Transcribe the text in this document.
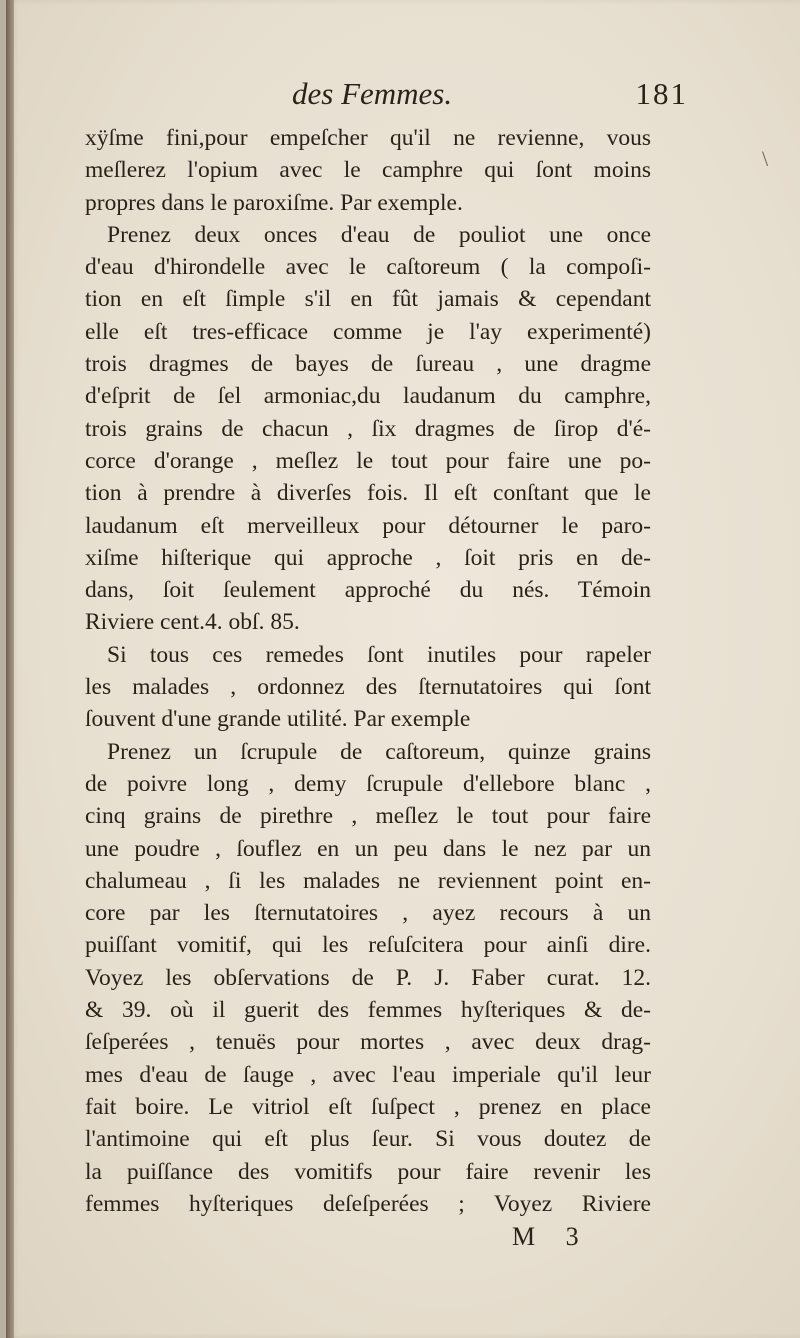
des Femmes.	181
xÿſme fini,pour empeſcher qu'il ne revienne, vous
meſlerez l'opium avec le camphre qui ſont moins
propres dans le paroxiſme. Par exemple.
Prenez deux onces d'eau de pouliot une once
d'eau d'hirondelle avec le caſtoreum ( la compoſi-
tion en eſt ſimple s'il en fût jamais & cependant
elle eſt tres-efficace comme je l'ay experimenté)
trois dragmes de bayes de ſureau , une dragme
d'eſprit de ſel armoniac,du laudanum du camphre,
trois grains de chacun , ſix dragmes de ſirop d'é-
corce d'orange , meſlez le tout pour faire une po-
tion à prendre à diverſes fois. Il eſt conſtant que le
laudanum eſt merveilleux pour détourner le paro-
xiſme hiſterique qui approche , ſoit pris en de-
dans, ſoit ſeulement approché du nés. Témoin
Riviere cent.4. obſ. 85.
Si tous ces remedes ſont inutiles pour rapeler
les malades , ordonnez des ſternutatoires qui ſont
ſouvent d'une grande utilité. Par exemple
Prenez un ſcrupule de caſtoreum, quinze grains
de poivre long , demy ſcrupule d'ellebore blanc ,
cinq grains de pirethre , meſlez le tout pour faire
une poudre , ſouflez en un peu dans le nez par un
chalumeau , ſi les malades ne reviennent point en-
core par les ſternutatoires , ayez recours à un
puiſſant vomitif, qui les reſuſcitera pour ainſi dire.
Voyez les obſervations de P. J. Faber curat. 12.
& 39. où il guerit des femmes hyſteriques & de-
ſeſperées , tenuës pour mortes , avec deux drag-
mes d'eau de ſauge , avec l'eau imperiale qu'il leur
fait boire. Le vitriol eſt ſuſpect , prenez en place
l'antimoine qui eſt plus ſeur. Si vous doutez de
la puiſſance des vomitifs pour faire revenir les
femmes hyſteriques deſeſperées ; Voyez Riviere
M 3
\
